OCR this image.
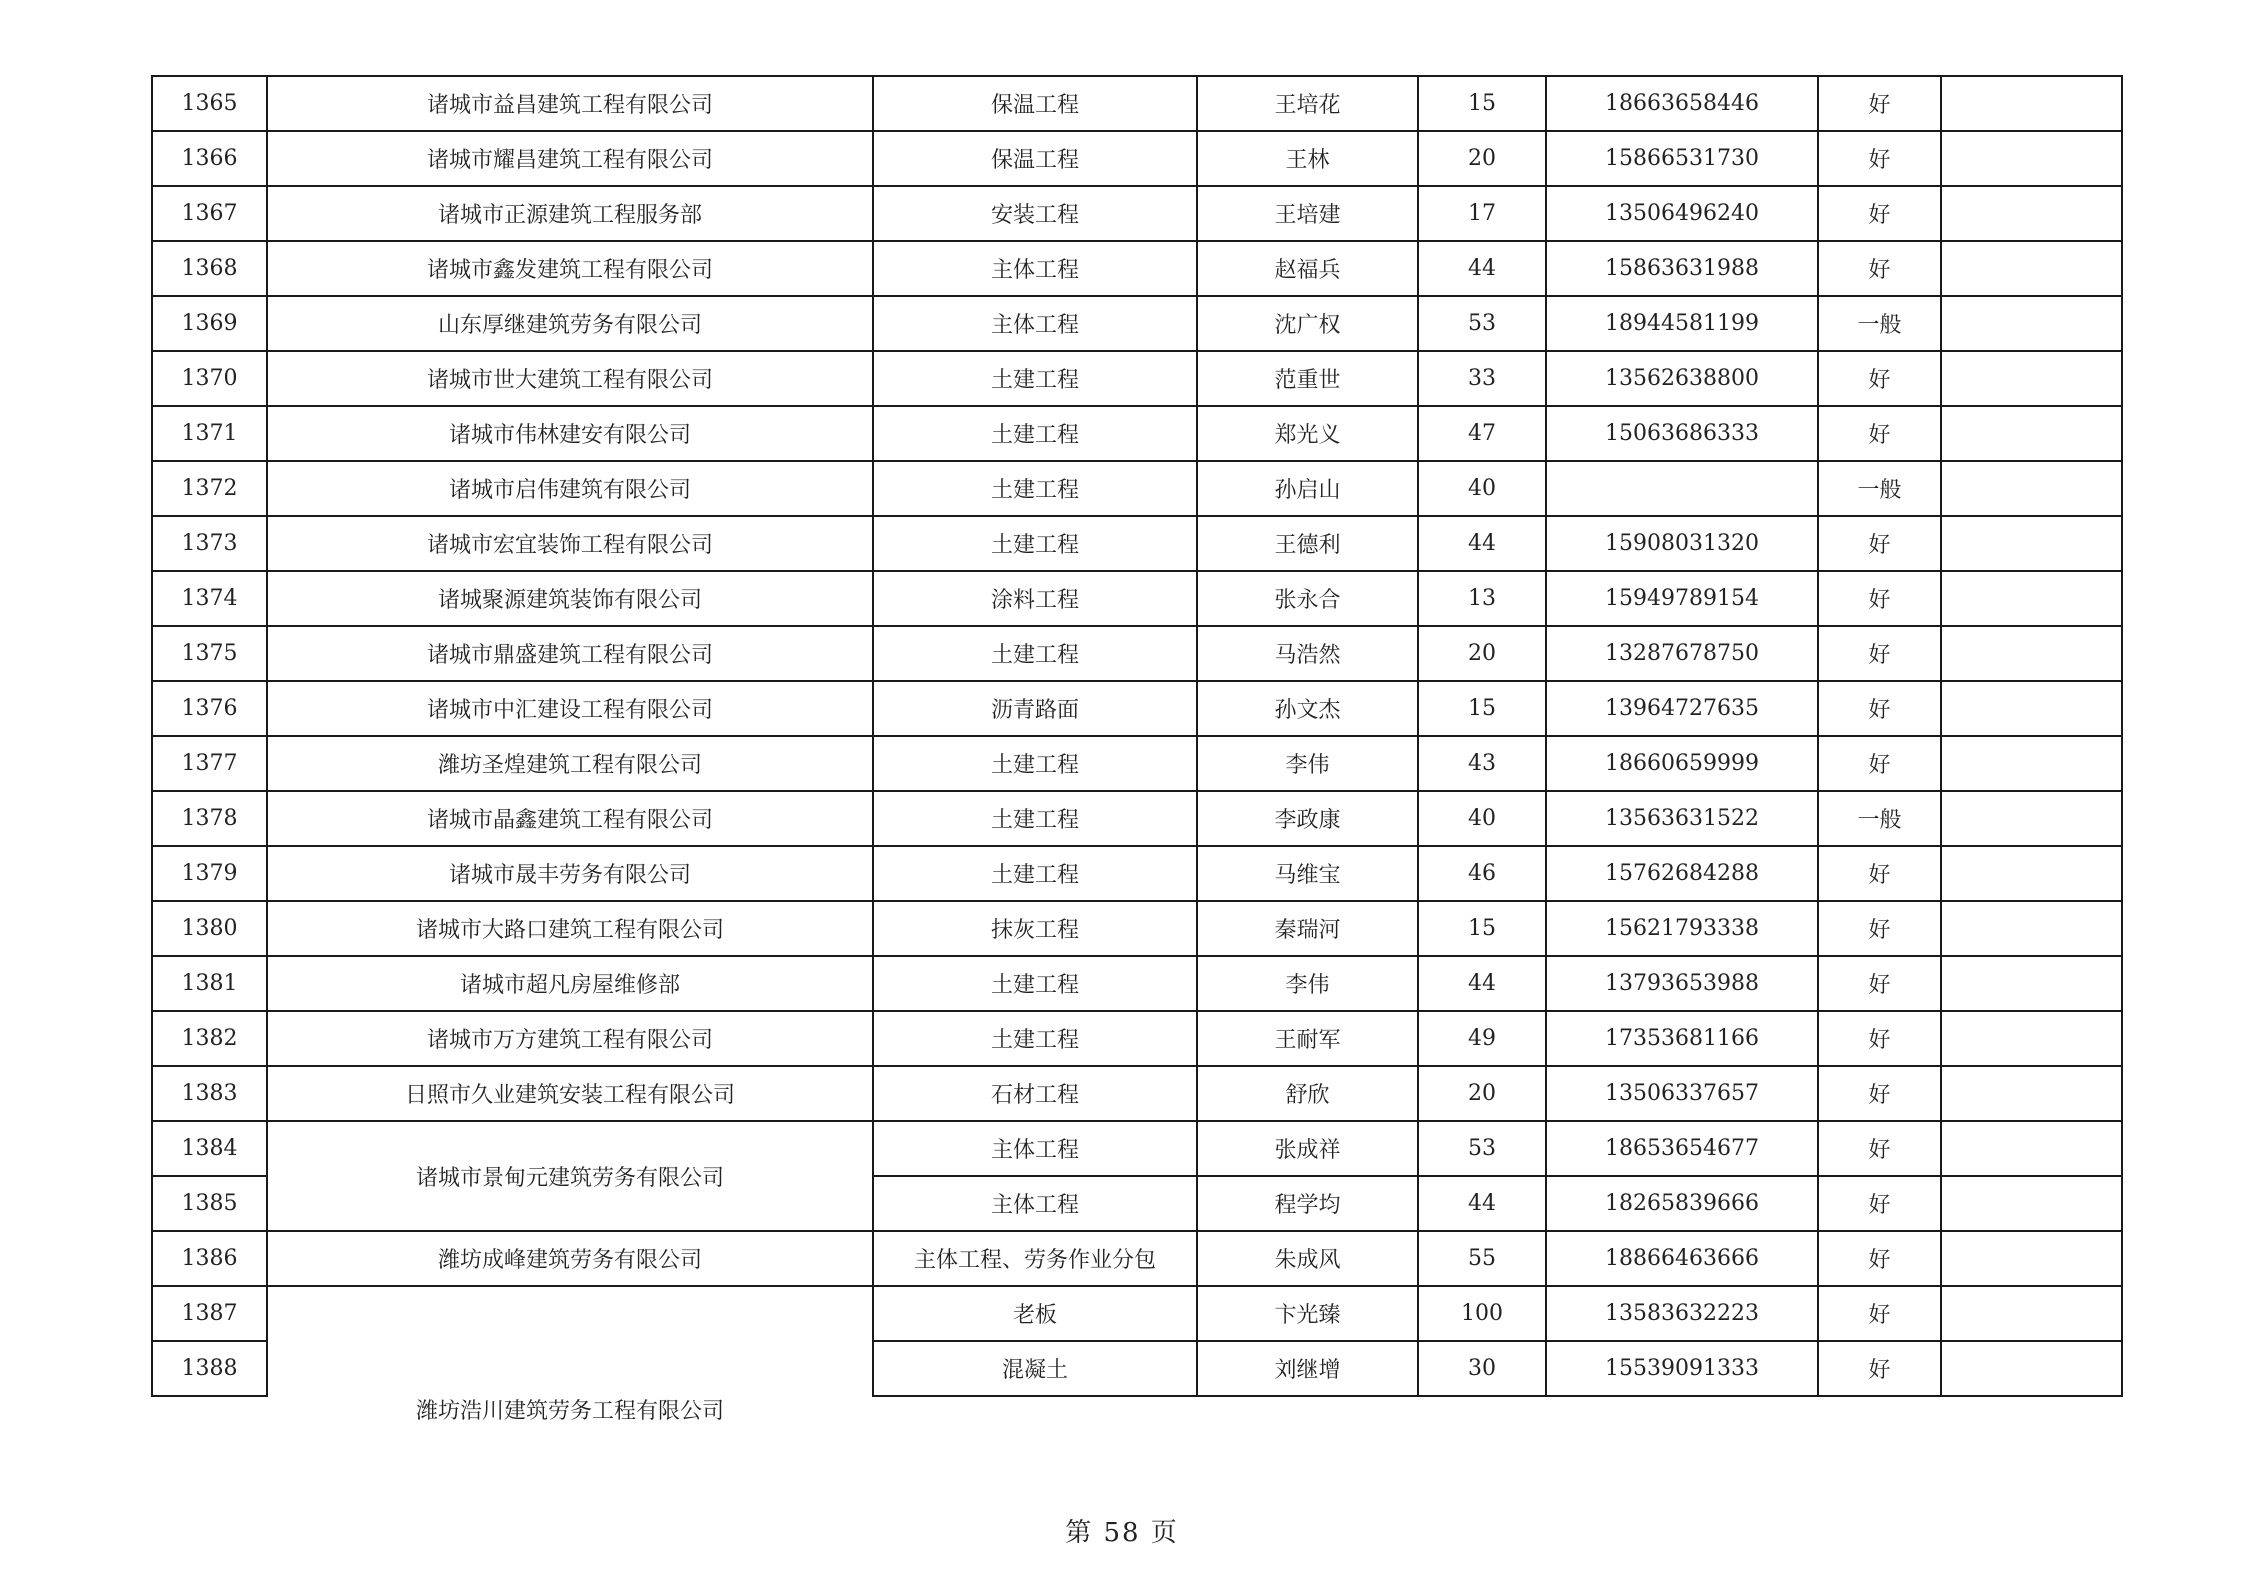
1365	诸城市益昌建筑工程有限公司	保温工程	王培花	15	18663658446	好	
1366	诸城市耀昌建筑工程有限公司	保温工程	王林	20	15866531730	好	
1367	诸城市正源建筑工程服务部	安装工程	王培建	17	13506496240	好	
1368	诸城市鑫发建筑工程有限公司	主体工程	赵福兵	44	15863631988	好	
1369	山东厚继建筑劳务有限公司	主体工程	沈广权	53	18944581199	一般	
1370	诸城市世大建筑工程有限公司	土建工程	范重世	33	13562638800	好	
1371	诸城市伟林建安有限公司	土建工程	郑光义	47	15063686333	好	
1372	诸城市启伟建筑有限公司	土建工程	孙启山	40		一般	
1373	诸城市宏宜装饰工程有限公司	土建工程	王德利	44	15908031320	好	
1374	诸城聚源建筑装饰有限公司	涂料工程	张永合	13	15949789154	好	
1375	诸城市鼎盛建筑工程有限公司	土建工程	马浩然	20	13287678750	好	
1376	诸城市中汇建设工程有限公司	沥青路面	孙文杰	15	13964727635	好	
1377	潍坊圣煌建筑工程有限公司	土建工程	李伟	43	18660659999	好	
1378	诸城市晶鑫建筑工程有限公司	土建工程	李政康	40	13563631522	一般	
1379	诸城市晟丰劳务有限公司	土建工程	马维宝	46	15762684288	好	
1380	诸城市大路口建筑工程有限公司	抹灰工程	秦瑞河	15	15621793338	好	
1381	诸城市超凡房屋维修部	土建工程	李伟	44	13793653988	好	
1382	诸城市万方建筑工程有限公司	土建工程	王耐军	49	17353681166	好	
1383	日照市久业建筑安装工程有限公司	石材工程	舒欣	20	13506337657	好	
1384	诸城市景甸元建筑劳务有限公司	主体工程	张成祥	53	18653654677	好	
1385		主体工程	程学均	44	18265839666	好	
1386	潍坊成峰建筑劳务有限公司	主体工程、劳务作业分包	朱成风	55	18866463666	好	
1387	潍坊浩川建筑劳务工程有限公司	老板	卞光臻	100	13583632223	好	
1388		混凝土	刘继增	30	15539091333	好	
第 58 页
